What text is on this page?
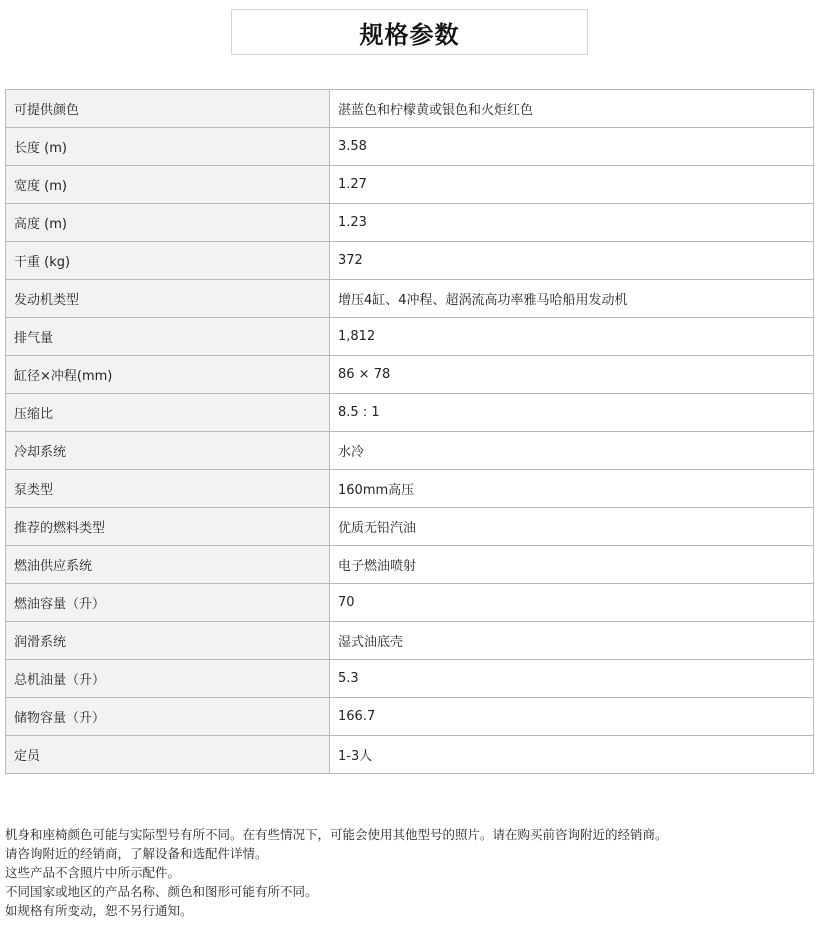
规格参数
可提供颜色	湛蓝色和柠檬黄或银色和火炬红色
长度 (m)	3.58
宽度 (m)	1.27
高度 (m)	1.23
干重 (kg)	372
发动机类型	增压4缸、4冲程、超涡流高功率雅马哈船用发动机
排气量	1,812
缸径×冲程(mm)	86 × 78
压缩比	8.5 : 1
冷却系统	水冷
泵类型	160mm高压
推荐的燃料类型	优质无铅汽油
燃油供应系统	电子燃油喷射
燃油容量（升）	70
润滑系统	湿式油底壳
总机油量（升）	5.3
储物容量（升）	166.7
定员	1-3人

机身和座椅颜色可能与实际型号有所不同。在有些情况下，可能会使用其他型号的照片。请在购买前咨询附近的经销商。

请咨询附近的经销商，了解设备和选配件详情。

这些产品不含照片中所示配件。

不同国家或地区的产品名称、颜色和图形可能有所不同。

如规格有所变动，恕不另行通知。
